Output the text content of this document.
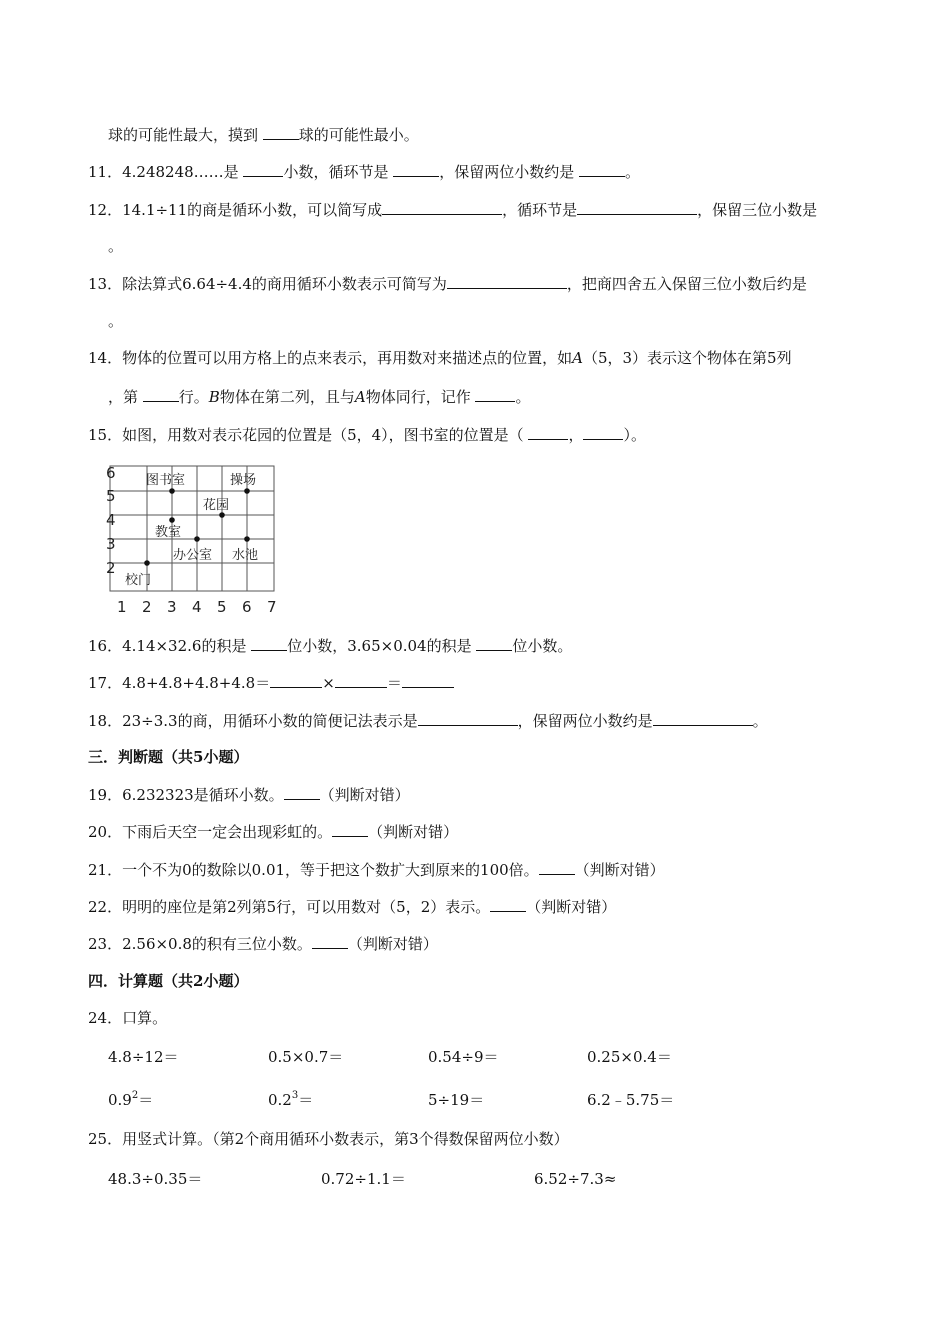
球的可能性最大，摸到 球的可能性最小。
11．4.248248……是	小数，循环节是	，保留两位小数约是	。
12．14.1÷11的商是循环小数，可以简写成	，循环节是	，保留三位小数是
。
13．除法算式6.64÷4.4的商用循环小数表示可简写为	，把商四舍五入保留三位小数后约是
。
14．物体的位置可以用方格上的点来表示，再用数对来描述点的位置，如A（5，3）表示这个物体在第5列
，第 行。B物体在第二列，且与A物体同行，记作	。
15．如图，用数对表示花园的位置是（5，4），图书室的位置是（	，	）。
6
5
4
3
2
1 2 3 4 5 6 7
图书室	操场
花园
教室
办公室 水池
校门
16．4.14×32.6的积是 位小数，3.65×0.04的积是 位小数。
17．4.8+4.8+4.8+4.8＝	×	＝
18．23÷3.3的商，用循环小数的简便记法表示是	，保留两位小数约是	。
三．判断题（共5小题）
19．6.232323是循环小数。 （判断对错）
20．下雨后天空一定会出现彩虹的。 （判断对错）
21．一个不为0的数除以0.01，等于把这个数扩大到原来的100倍。 （判断对错）
22．明明的座位是第2列第5行，可以用数对（5，2）表示。 （判断对错）
23．2.56×0.8的积有三位小数。 （判断对错）
四．计算题（共2小题）
24．口算。
4.8÷12＝	0.5×0.7＝	0.54÷9＝	0.25×0.4＝
$0.9^2=$	$0.2^3=$	5÷19＝	6.2﹣5.75＝
25．用竖式计算。（第2个商用循环小数表示，第3个得数保留两位小数）
48.3÷0.35＝	0.72÷1.1＝	6.52÷7.3≈
